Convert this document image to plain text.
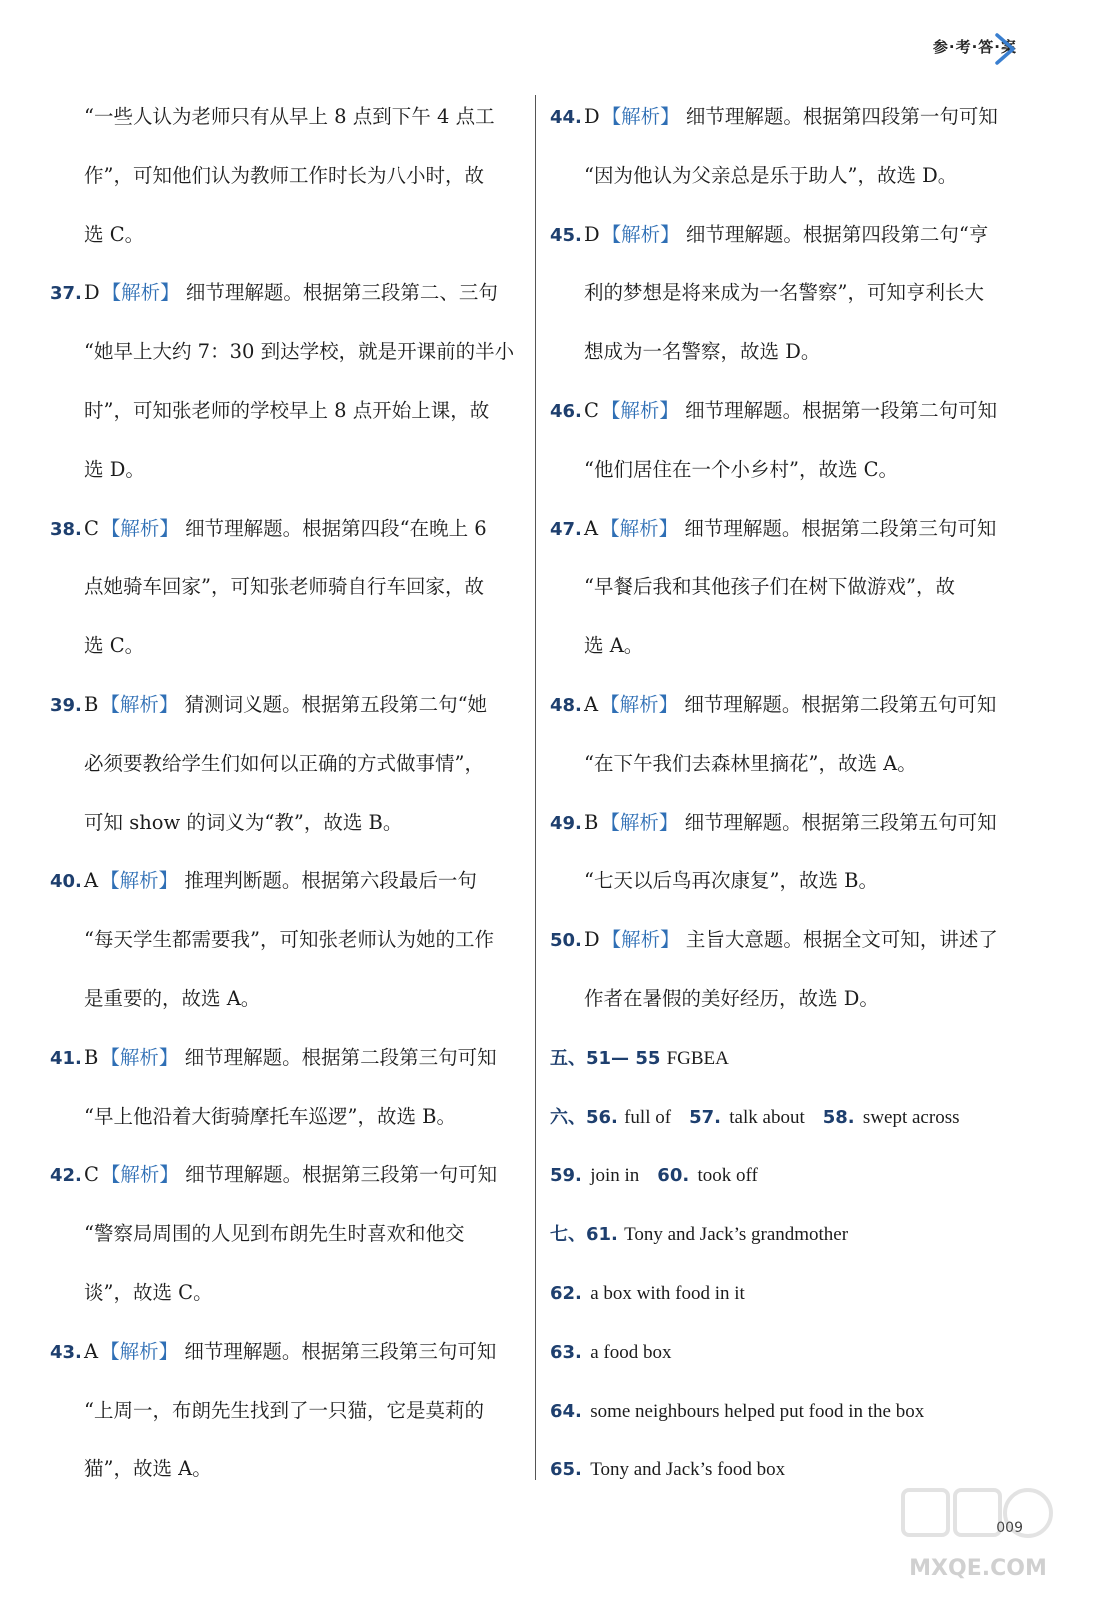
参·考·答·案
“一些人认为老师只有从早上 8 点到下午 4 点工
作”，可知他们认为教师工作时长为八小时，故
选 C。
37. D 【解析】 细节理解题。根据第三段第二、三句
“她早上大约 7：30 到达学校，就是开课前的半小
时”，可知张老师的学校早上 8 点开始上课，故
选 D。
38. C 【解析】 细节理解题。根据第四段“在晚上 6
点她骑车回家”，可知张老师骑自行车回家，故
选 C。
39. B 【解析】 猜测词义题。根据第五段第二句“她
必须要教给学生们如何以正确的方式做事情”，
可知 show 的词义为“教”，故选 B。
40. A 【解析】 推理判断题。根据第六段最后一句
“每天学生都需要我”，可知张老师认为她的工作
是重要的，故选 A。
41. B 【解析】 细节理解题。根据第二段第三句可知
“早上他沿着大街骑摩托车巡逻”，故选 B。
42. C 【解析】 细节理解题。根据第三段第一句可知
“警察局周围的人见到布朗先生时喜欢和他交
谈”，故选 C。
43. A 【解析】 细节理解题。根据第三段第三句可知
“上周一，布朗先生找到了一只猫，它是莫莉的
猫”，故选 A。
44. D 【解析】 细节理解题。根据第四段第一句可知
“因为他认为父亲总是乐于助人”，故选 D。
45. D 【解析】 细节理解题。根据第四段第二句“亨
利的梦想是将来成为一名警察”，可知亨利长大
想成为一名警察，故选 D。
46. C 【解析】 细节理解题。根据第一段第二句可知
“他们居住在一个小乡村”，故选 C。
47. A 【解析】 细节理解题。根据第二段第三句可知
“早餐后我和其他孩子们在树下做游戏”，故
选 A。
48. A 【解析】 细节理解题。根据第二段第五句可知
“在下午我们去森林里摘花”，故选 A。
49. B 【解析】 细节理解题。根据第三段第五句可知
“七天以后鸟再次康复”，故选 B。
50. D 【解析】 主旨大意题。根据全文可知，讲述了
作者在暑假的美好经历，故选 D。
五、51— 55 FGBEA
六、56. full of 57. talk about 58. swept across
59. join in 60. took off
七、61. Tony and Jack’s grandmother
62. a box with food in it
63. a food box
64. some neighbours helped put food in the box
65. Tony and Jack’s food box
009
MXQE.COM
